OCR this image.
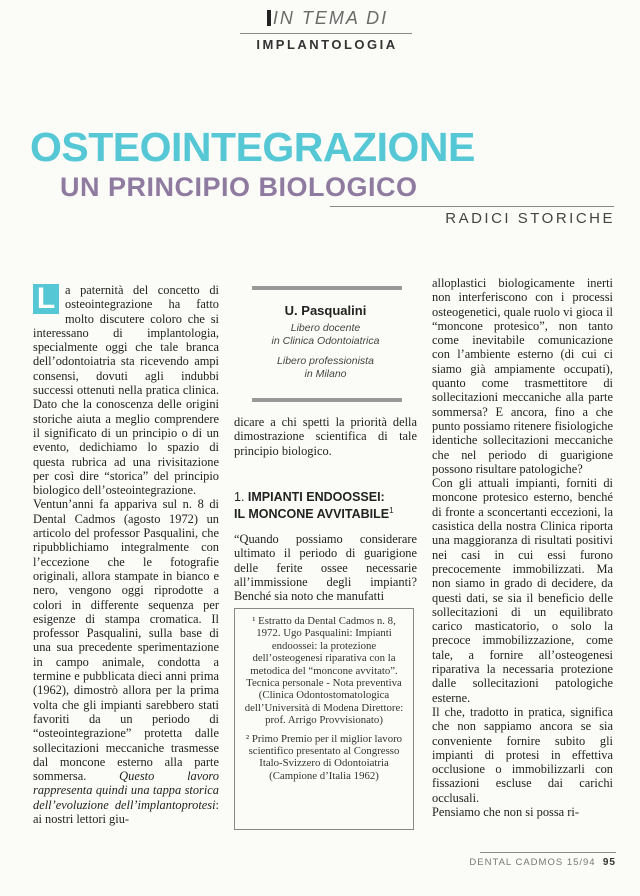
IN TEMA DI
IMPLANTOLOGIA
OSTEOINTEGRAZIONE
UN PRINCIPIO BIOLOGICO
RADICI STORICHE

L a paternità del concetto di osteointegrazione ha fatto molto discutere coloro che si interessano di implantologia, specialmente oggi che tale branca dell’odontoiatria sta ricevendo ampi consensi, dovuti agli indubbi successi ottenuti nella pratica clinica. Dato che la conoscenza delle origini storiche aiuta a meglio comprendere il significato di un principio o di un evento, dedichiamo lo spazio di questa rubrica ad una rivisitazione per così dire “storica” del principio biologico dell’osteointegrazione.

Ventun’anni fa appariva sul n. 8 di Dental Cadmos (agosto 1972) un articolo del professor Pasqualini, che ripubblichiamo integralmente con l’eccezione che le fotografie originali, allora stampate in bianco e nero, vengono oggi riprodotte a colori in differente sequenza per esigenze di stampa cromatica. Il professor Pasqualini, sulla base di una sua precedente sperimentazione in campo animale, condotta a termine e pubblicata dieci anni prima (1962), dimostrò allora per la prima volta che gli impianti sarebbero stati favoriti da un periodo di “osteointegrazione” protetta dalle sollecitazioni meccaniche trasmesse dal moncone esterno alla parte sommersa.	Questo lavoro rappresenta quindi una tappa storica dell’evoluzione dell’implantoprotesi: ai nostri lettori giu-

U. Pasqualini
Libero docente
in Clinica Odontoiatrica
Libero professionista
in Milano

dicare a chi spetti la priorità della dimostrazione scientifica di tale principio biologico.

1. IMPIANTI ENDOOSSEI:
IL MONCONE AVVITABILE$^1$

“Quando possiamo considerare ultimato il periodo di guarigione delle ferite ossee necessarie all’immissione degli impianti? Benché sia noto che manufatti

¹ Estratto da Dental Cadmos n. 8, 1972. Ugo Pasqualini: Impianti endoossei: la protezione dell’osteogenesi riparativa con la metodica del “moncone avvitato”. Tecnica personale - Nota preventiva (Clinica Odontostomatologica dell’Università di Modena Direttore: prof. Arrigo Provvisionato)

² Primo Premio per il miglior lavoro scientifico presentato al Congresso Italo-Svizzero di Odontoiatria (Campione d’Italia 1962)

alloplastici biologicamente inerti non interferiscono con i processi osteogenetici, quale ruolo vi gioca il “moncone protesico”, non tanto come inevitabile comunicazione con l’ambiente esterno (di cui ci siamo già ampiamente occupati), quanto come trasmettitore di sollecitazioni meccaniche alla parte sommersa? E ancora, fino a che punto possiamo ritenere fisiologiche identiche sollecitazioni meccaniche che nel periodo di guarigione possono risultare patologiche?

Con gli attuali impianti, forniti di moncone protesico esterno, benché di fronte a sconcertanti eccezioni, la casistica della nostra Clinica riporta una maggioranza di risultati positivi nei casi in cui essi furono precocemente immobilizzati. Ma non siamo in grado di decidere, da questi dati, se sia il beneficio delle sollecitazioni di un equilibrato carico masticatorio, o solo la precoce immobilizzazione, come tale, a fornire all’osteogenesi riparativa la necessaria protezione dalle sollecitazioni patologiche esterne.

Il che, tradotto in pratica, significa che non sappiamo ancora se sia conveniente fornire subito gli impianti di protesi in effettiva occlusione o immobilizzarli con fissazioni escluse dai carichi occlusali.

Pensiamo che non si possa ri-

DENTAL CADMOS 15/94 95
